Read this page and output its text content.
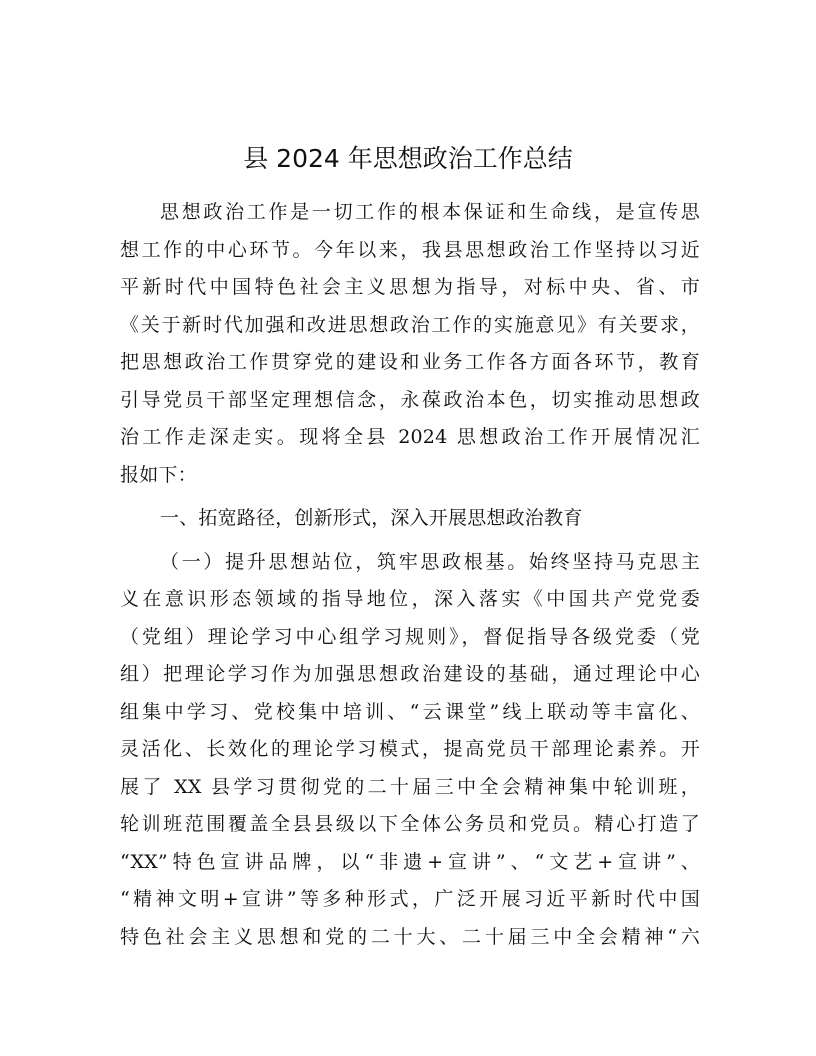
县 2024 年思想政治工作总结
思想政治工作是一切工作的根本保证和生命线，是宣传思
想工作的中心环节。今年以来，我县思想政治工作坚持以习近
平新时代中国特色社会主义思想为指导，对标中央、省、市
《关于新时代加强和改进思想政治工作的实施意见》有关要求，
把思想政治工作贯穿党的建设和业务工作各方面各环节，教育
引导党员干部坚定理想信念，永葆政治本色，切实推动思想政
治工作走深走实。现将全县 2024 思想政治工作开展情况汇
报如下：
一、拓宽路径，创新形式，深入开展思想政治教育
（一）提升思想站位，筑牢思政根基。始终坚持马克思主
义在意识形态领域的指导地位，深入落实《中国共产党党委
（党组）理论学习中心组学习规则》，督促指导各级党委（党
组）把理论学习作为加强思想政治建设的基础，通过理论中心
组集中学习、党校集中培训、“云课堂”线上联动等丰富化、
灵活化、长效化的理论学习模式，提高党员干部理论素养。开
展了 XX 县学习贯彻党的二十届三中全会精神集中轮训班，
轮训班范围覆盖全县县级以下全体公务员和党员。精心打造了
“XX”特色宣讲品牌，以“非遗+宣讲”、“文艺+宣讲”、
“精神文明+宣讲”等多种形式，广泛开展习近平新时代中国
特色社会主义思想和党的二十大、二十届三中全会精神“六
